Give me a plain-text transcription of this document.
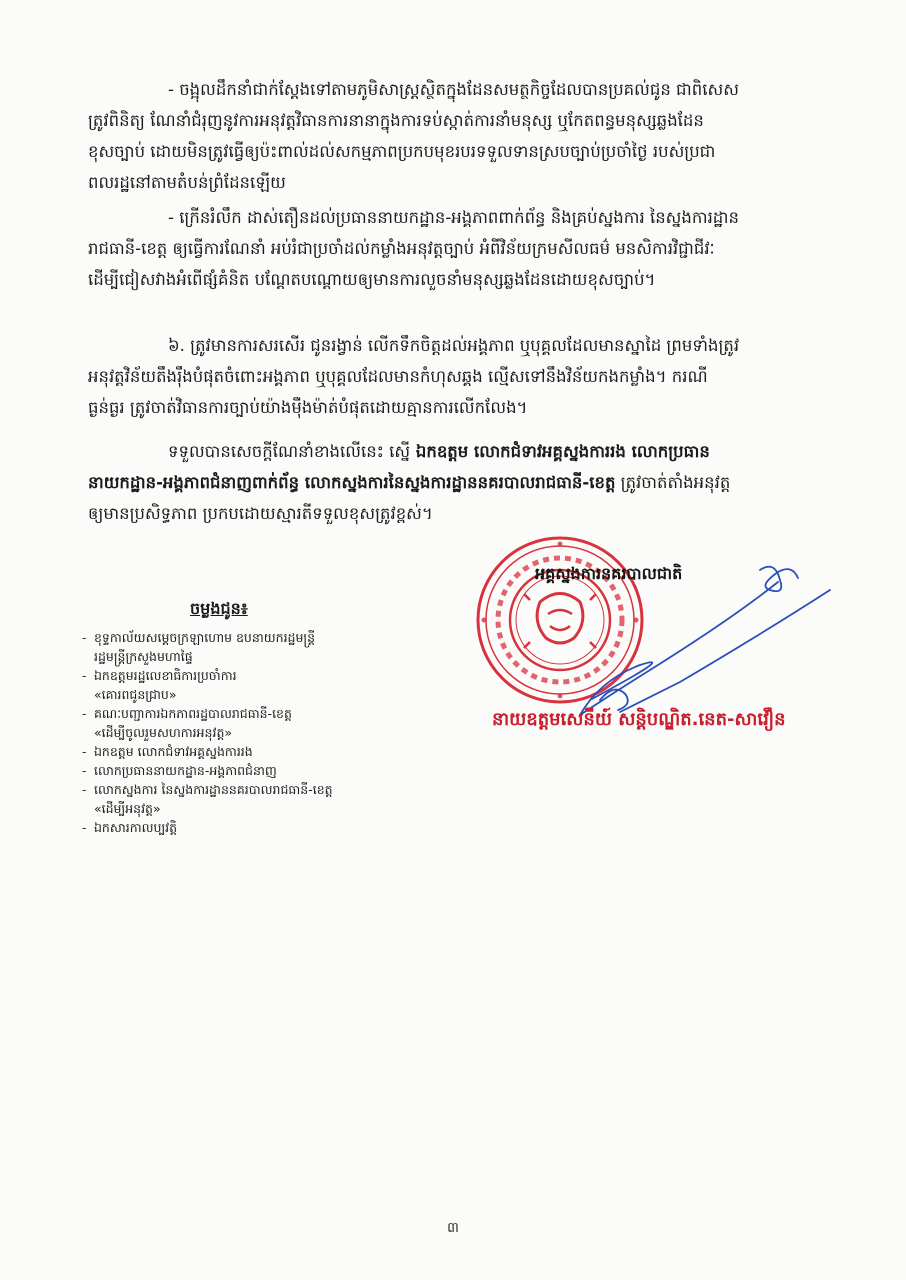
- ចង្អុលដឹកនាំជាក់ស្តែងទៅតាមភូមិសាស្ត្រស្ថិតក្នុងដែនសមត្ថកិច្ចដែលបានប្រគល់ជូន ជាពិសេស
ត្រូវពិនិត្យ ណែនាំជំរុញនូវការអនុវត្តវិធានការនានាក្នុងការទប់ស្កាត់ការនាំមនុស្ស ឬកែតពន្ធមនុស្សឆ្លងដែន
ខុសច្បាប់ ដោយមិនត្រូវធ្វើឲ្យប៉ះពាល់ដល់សកម្មភាពប្រកបមុខរបរទទួលទានស្របច្បាប់ប្រចាំថ្ងៃ របស់ប្រជា
ពលរដ្ឋនៅតាមតំបន់ព្រំដែនឡើយ

- ក្រើនរំលឹក ដាស់តឿនដល់ប្រធាននាយកដ្ឋាន-អង្គភាពពាក់ព័ន្ធ និងគ្រប់ស្នងការ នៃស្នងការដ្ឋាន
រាជធានី-ខេត្ត ឲ្យធ្វើការណែនាំ អប់រំជាប្រចាំដល់កម្លាំងអនុវត្តច្បាប់ អំពីវិន័យក្រមសីលធម៌ មនសិការវិជ្ជាជីវៈ
ដើម្បីជៀសវាងអំពើផ្សំគំនិត បណ្តែតបណ្តោយឲ្យមានការលួចនាំមនុស្សឆ្លងដែនដោយខុសច្បាប់។

៦. ត្រូវមានការសរសើរ ជូនរង្វាន់ លើកទឹកចិត្តដល់អង្គភាព ឬបុគ្គលដែលមានស្នាដៃ ព្រមទាំងត្រូវ
អនុវត្តវិន័យតឹងរ៉ឹងបំផុតចំពោះអង្គភាព ឬបុគ្គលដែលមានកំហុសឆ្គង ល្មើសទៅនឹងវិន័យកងកម្លាំង។ ករណី
ធ្ងន់ធ្ងរ ត្រូវចាត់វិធានការច្បាប់យ៉ាងម៉ឺងម៉ាត់បំផុតដោយគ្មានការលើកលែង។

ទទួលបានសេចក្តីណែនាំខាងលើនេះ ស្នើ ឯកឧត្តម លោកជំទាវអគ្គស្នងការរង លោកប្រធាន
នាយកដ្ឋាន-អង្គភាពជំនាញពាក់ព័ន្ធ លោកស្នងការនៃស្នងការដ្ឋាននគរបាលរាជធានី-ខេត្ត ត្រូវចាត់តាំងអនុវត្ត
ឲ្យមានប្រសិទ្ធភាព ប្រកបដោយស្មារតីទទួលខុសត្រូវខ្ពស់។

អគ្គស្នងការនគរបាលជាតិ
នាយឧត្តមសេនីយ៍ សន្តិបណ្ឌិត.នេត-សាវឿន
ចម្លងជូន៖
- ខុទ្ទកាល័យសម្តេចក្រឡាហោម ឧបនាយករដ្ឋមន្ត្រី
រដ្ឋមន្ត្រីក្រសួងមហាផ្ទៃ
- ឯកឧត្តមរដ្ឋលេខាធិការប្រចាំការ
«គោរពជូនជ្រាប»
- គណៈបញ្ជាការឯកភាពរដ្ឋបាលរាជធានី-ខេត្ត
«ដើម្បីចូលរួមសហការអនុវត្ត»
- ឯកឧត្តម លោកជំទាវអគ្គស្នងការរង
- លោកប្រធាននាយកដ្ឋាន-អង្គភាពជំនាញ
- លោកស្នងការ នៃស្នងការដ្ឋាននគរបាលរាជធានី-ខេត្ត
«ដើម្បីអនុវត្ត»
- ឯកសារកាលប្បវត្តិ
៣
